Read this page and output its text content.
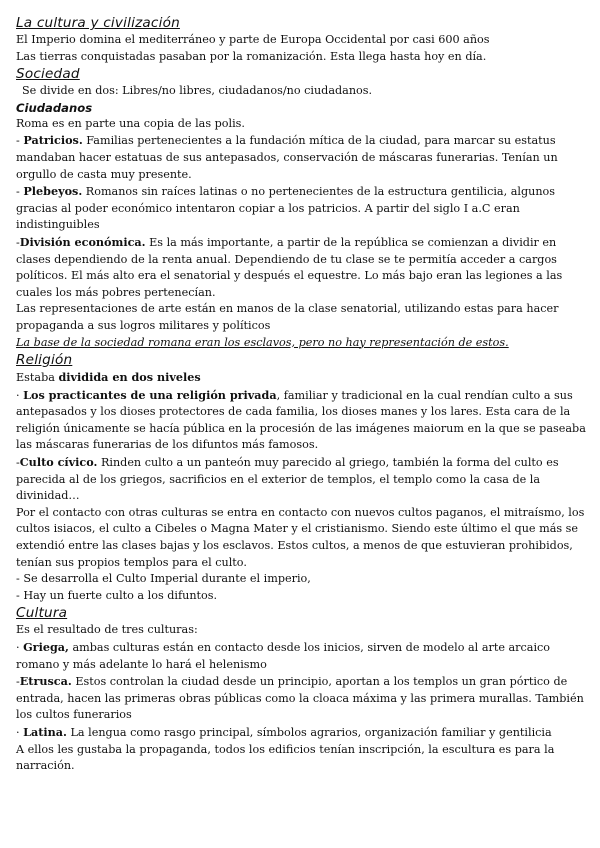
La cultura y civilización

El Imperio domina el mediterráneo y parte de Europa Occidental por casi 600 años

Las tierras conquistadas pasaban por la romanización. Esta llega hasta hoy en día.

Sociedad

Se divide en dos: Libres/no libres, ciudadanos/no ciudadanos.

Ciudadanos

Roma es en parte una copia de las polis.

- Patricios. Familias pertenecientes a la fundación mítica de la ciudad, para marcar su estatus mandaban hacer estatuas de sus antepasados, conservación de máscaras funerarias. Tenían un orgullo de casta muy presente.

- Plebeyos. Romanos sin raíces latinas o no pertenecientes de la estructura gentilicia, algunos gracias al poder económico intentaron copiar a los patricios. A partir del siglo I a.C eran indistinguibles

-División económica. Es la más importante, a partir de la república se comienzan a dividir en clases dependiendo de la renta anual. Dependiendo de tu clase se te permitía acceder a cargos políticos. El más alto era el senatorial y después el equestre. Lo más bajo eran las legiones a las cuales los más pobres pertenecían.

Las representaciones de arte están en manos de la clase senatorial, utilizando estas para hacer propaganda a sus logros militares y políticos

La base de la sociedad romana eran los esclavos, pero no hay representación de estos.

Religión

Estaba dividida en dos niveles

· Los practicantes de una religión privada, familiar y tradicional en la cual rendían culto a sus antepasados y los dioses protectores de cada familia, los dioses manes y los lares. Esta cara de la religión únicamente se hacía pública en la procesión de las imágenes maiorum en la que se paseaba las máscaras funerarias de los difuntos más famosos.

-Culto cívico. Rinden culto a un panteón muy parecido al griego, también la forma del culto es parecida al de los griegos, sacrificios en el exterior de templos, el templo como la casa de la divinidad…

Por el contacto con otras culturas se entra en contacto con nuevos cultos paganos, el mitraísmo, los cultos isiacos, el culto a Cibeles o Magna Mater y el cristianismo. Siendo este último el que más se extendió entre las clases bajas y los esclavos. Estos cultos, a menos de que estuvieran prohibidos, tenían sus propios templos para el culto.

- Se desarrolla el Culto Imperial durante el imperio,

- Hay un fuerte culto a los difuntos.

Cultura

Es el resultado de tres culturas:

· Griega, ambas culturas están en contacto desde los inicios, sirven de modelo al arte arcaico romano y más adelante lo hará el helenismo

-Etrusca. Estos controlan la ciudad desde un principio, aportan a los templos un gran pórtico de entrada, hacen las primeras obras públicas como la cloaca máxima y las primera murallas. También los cultos funerarios

· Latina. La lengua como rasgo principal, símbolos agrarios, organización familiar y gentilicia

A ellos les gustaba la propaganda, todos los edificios tenían inscripción, la escultura es para la narración.
